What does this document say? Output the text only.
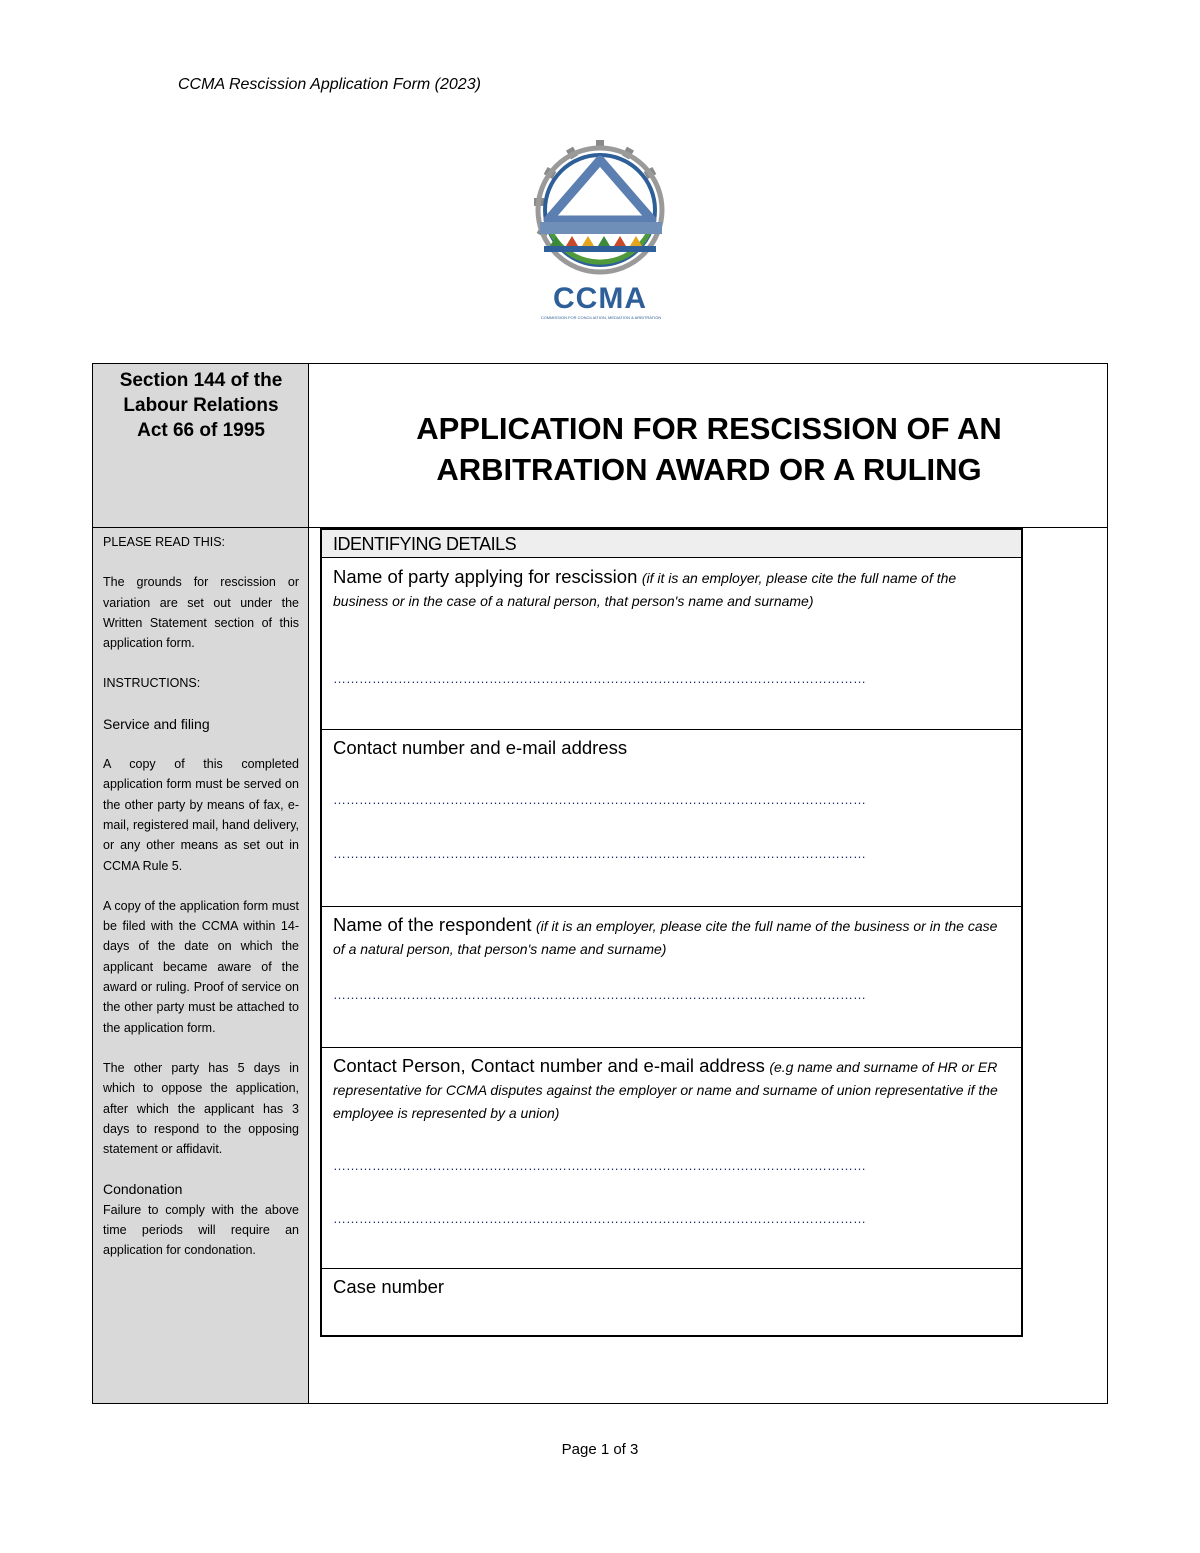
CCMA Rescission Application Form (2023)
CCMA
COMMISSION FOR CONCILIATION, MEDIATION & ARBITRATION
Section 144 of the
Labour Relations
Act 66 of 1995	APPLICATION FOR RESCISSION OF AN
ARBITRATION AWARD OR A RULING

PLEASE READ THIS:

The grounds for rescission or variation are set out under the Written Statement section of this application form.

INSTRUCTIONS:

Service and filing

A copy of this completed application form must be served on the other party by means of fax, e-mail, registered mail, hand delivery, or any other means as set out in CCMA Rule 5.

A copy of the application form must be filed with the CCMA within 14-days of the date on which the applicant became aware of the award or ruling. Proof of service on the other party must be attached to the application form.

The other party has 5 days in which to oppose the application, after which the applicant has 3 days to respond to the opposing statement or affidavit.

Condonation

Failure to comply with the above time periods will require an application for condonation.

IDENTIFYING DETAILS
Name of party applying for rescission (if it is an employer, please cite the full name of the business or in the case of a natural person, that person's name and surname)
……………………………………………………………………………………………………………
Contact number and e-mail address
……………………………………………………………………………………………………………
……………………………………………………………………………………………………………
Name of the respondent (if it is an employer, please cite the full name of the business or in the case of a natural person, that person's name and surname)
……………………………………………………………………………………………………………
Contact Person, Contact number and e-mail address (e.g name and surname of HR or ER representative for CCMA disputes against the employer or name and surname of union representative if the employee is represented by a union)
……………………………………………………………………………………………………………
……………………………………………………………………………………………………………
Case number
Page 1 of 3
